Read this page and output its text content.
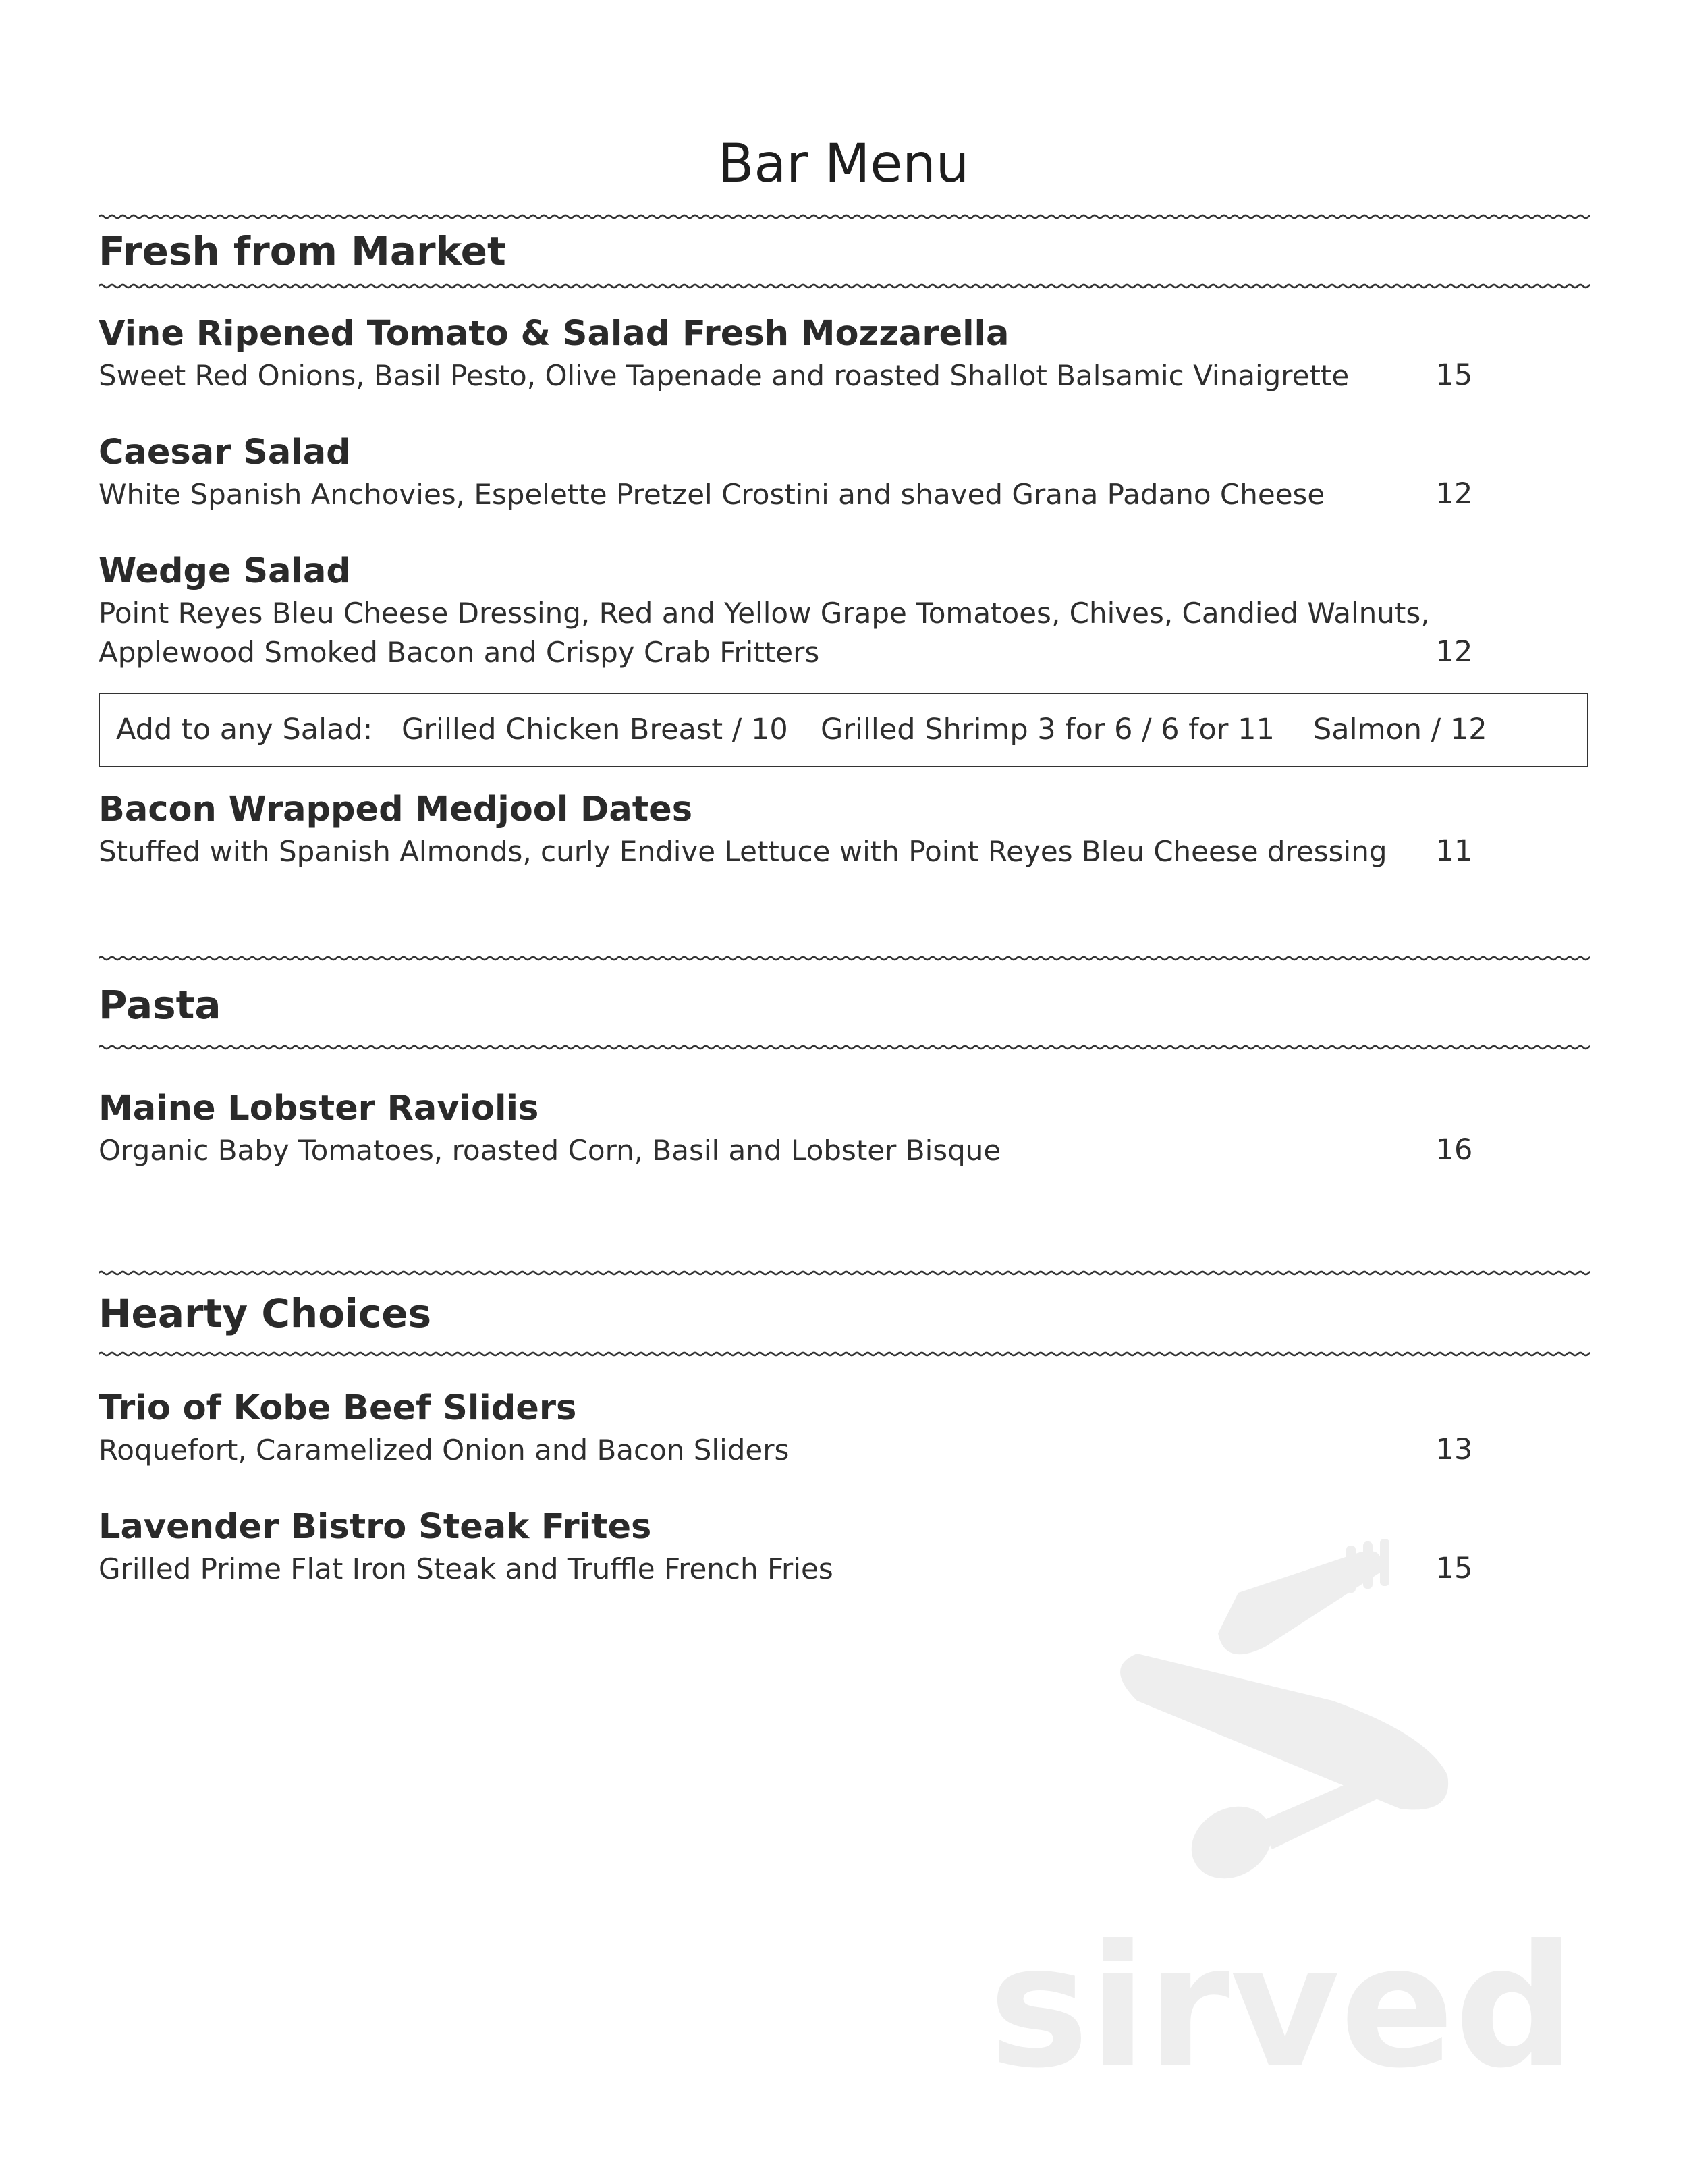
Bar Menu
Fresh from Market

Vine Ripened Tomato & Salad Fresh Mozzarella

Sweet Red Onions, Basil Pesto, Olive Tapenade and roasted Shallot Balsamic Vinaigrette	15

Caesar Salad

White Spanish Anchovies, Espelette Pretzel Crostini and shaved Grana Padano Cheese	12

Wedge Salad

Point Reyes Bleu Cheese Dressing, Red and Yellow Grape Tomatoes, Chives, Candied Walnuts,

Applewood Smoked Bacon and Crispy Crab Fritters	12

Add to any Salad: Grilled Chicken Breast / 10 Grilled Shrimp 3 for 6 / 6 for 11 Salmon / 12

Bacon Wrapped Medjool Dates

Stuffed with Spanish Almonds, curly Endive Lettuce with Point Reyes Bleu Cheese dressing	11

Pasta

Maine Lobster Raviolis

Organic Baby Tomatoes, roasted Corn, Basil and Lobster Bisque	16

Hearty Choices

Trio of Kobe Beef Sliders

Roquefort, Caramelized Onion and Bacon Sliders	13

Lavender Bistro Steak Frites

Grilled Prime Flat Iron Steak and Truffle French Fries	15

sirved
